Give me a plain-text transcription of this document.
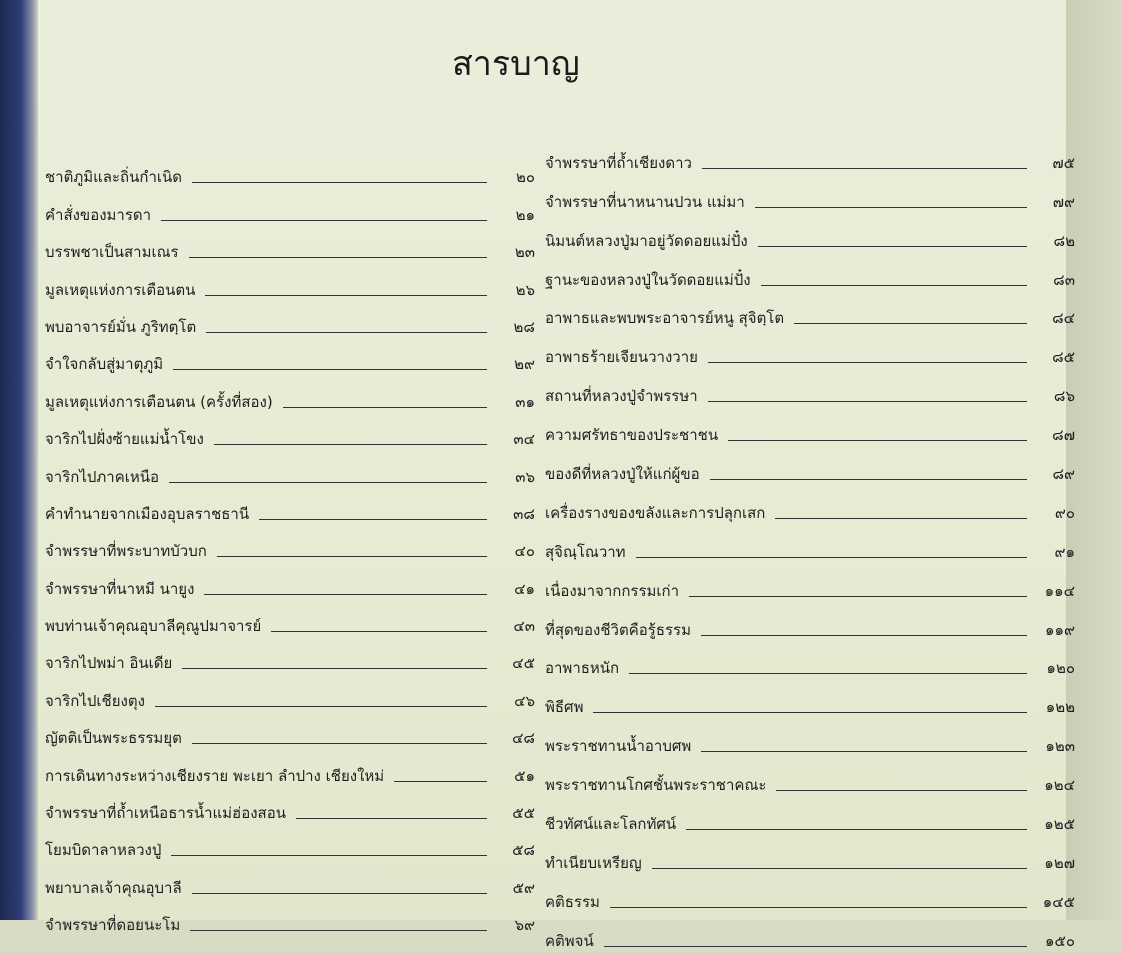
สารบาญ
ชาติภูมิและถิ่นกำเนิด	๒๐
คำสั่งของมารดา	๒๑
บรรพชาเป็นสามเณร	๒๓
มูลเหตุแห่งการเตือนตน	๒๖
พบอาจารย์มั่น ภูริทตฺโต	๒๘
จำใจกลับสู่มาตุภูมิ	๒๙
มูลเหตุแห่งการเตือนตน (ครั้งที่สอง)	๓๑
จาริกไปฝั่งซ้ายแม่น้ำโขง	๓๔
จาริกไปภาคเหนือ	๓๖
คำทำนายจากเมืองอุบลราชธานี	๓๘
จำพรรษาที่พระบาทบัวบก	๔๐
จำพรรษาที่นาหมี นายูง	๔๑
พบท่านเจ้าคุณอุบาลีคุณูปมาจารย์	๔๓
จาริกไปพม่า อินเดีย	๔๕
จาริกไปเชียงตุง	๔๖
ญัตติเป็นพระธรรมยุต	๔๘
การเดินทางระหว่างเชียงราย พะเยา ลำปาง เชียงใหม่	๕๑
จำพรรษาที่ถ้ำเหนือธารน้ำแม่ฮ่องสอน	๕๕
โยมบิดาลาหลวงปู่	๕๘
พยาบาลเจ้าคุณอุบาลี	๕๙
จำพรรษาที่ดอยนะโม	๖๙
จำพรรษาที่ถ้ำเชียงดาว	๗๕
จำพรรษาที่นาหนานปวน แม่มา	๗๙
นิมนต์หลวงปู่มาอยู่วัดดอยแม่ปั๋ง	๘๒
ฐานะของหลวงปู่ในวัดดอยแม่ปั๋ง	๘๓
อาพาธและพบพระอาจารย์หนู สุจิตฺโต	๘๔
อาพาธร้ายเจียนวางวาย	๘๕
สถานที่หลวงปู่จำพรรษา	๘๖
ความศรัทธาของประชาชน	๘๗
ของดีที่หลวงปู่ให้แก่ผู้ขอ	๘๙
เครื่องรางของขลังและการปลุกเสก	๙๐
สุจิณฺโณวาท	๙๑
เนื่องมาจากกรรมเก่า	๑๑๔
ที่สุดของชีวิตคือรู้ธรรม	๑๑๙
อาพาธหนัก	๑๒๐
พิธีศพ	๑๒๒
พระราชทานน้ำอาบศพ	๑๒๓
พระราชทานโกศชั้นพระราชาคณะ	๑๒๔
ชีวทัศน์และโลกทัศน์	๑๒๕
ทำเนียบเหรียญ	๑๒๗
คติธรรม	๑๔๕
คติพจน์	๑๕๐
